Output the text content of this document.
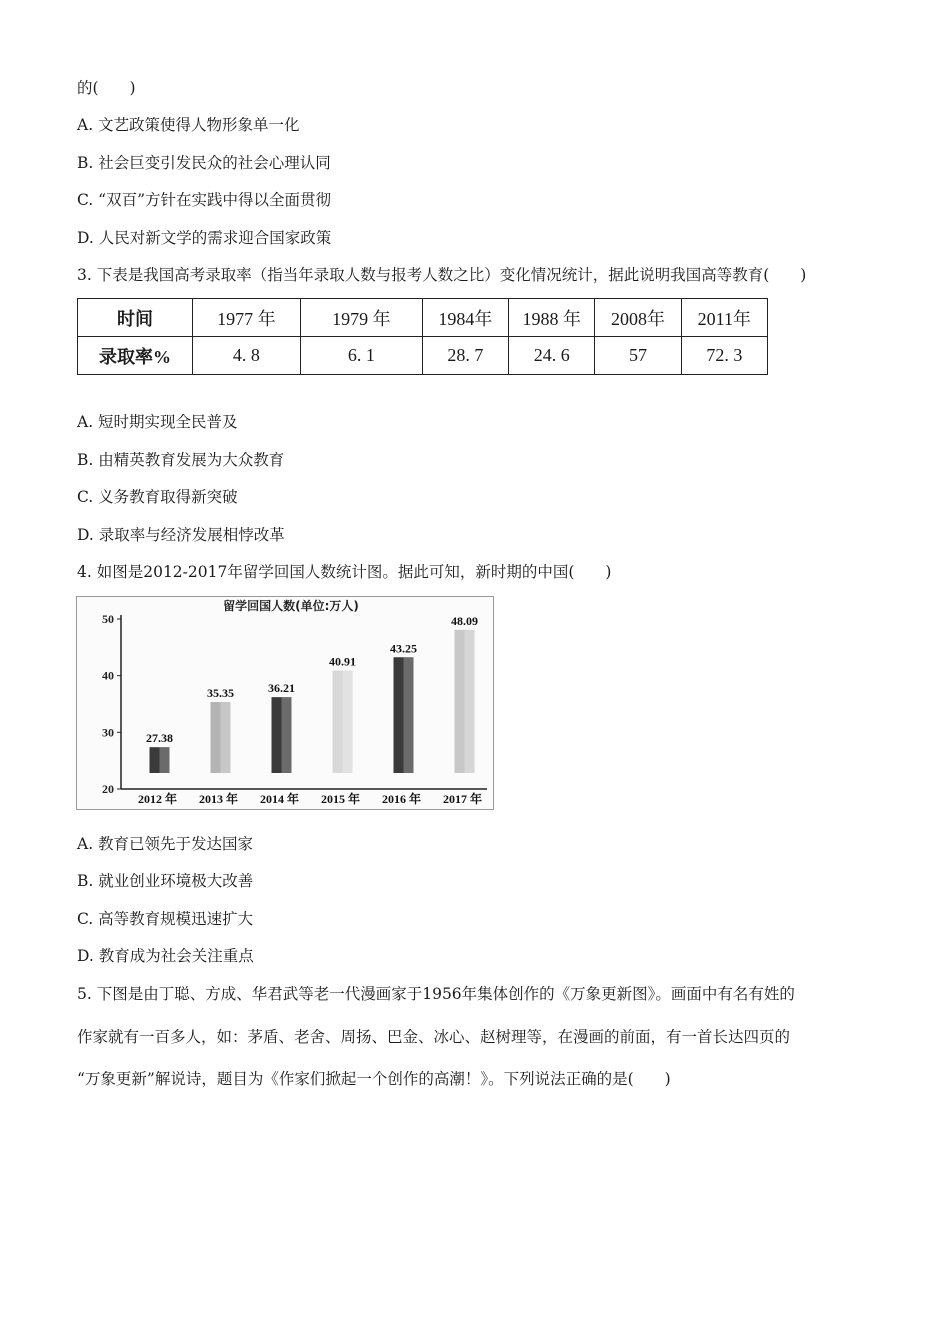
的(　　)
A. 文艺政策使得人物形象单一化
B. 社会巨变引发民众的社会心理认同
C. “双百”方针在实践中得以全面贯彻
D. 人民对新文学的需求迎合国家政策
3. 下表是我国高考录取率（指当年录取人数与报考人数之比）变化情况统计，据此说明我国高等教育(　　)
时间	1977 年	1979 年	1984年	1988 年	2008年	2011年
录取率%	4. 8	6. 1	28. 7	24. 6	57	72. 3
A. 短时期实现全民普及
B. 由精英教育发展为大众教育
C. 义务教育取得新突破
D. 录取率与经济发展相悖改革
4. 如图是2012-2017年留学回国人数统计图。据此可知，新时期的中国(　　)
留学回国人数(单位:万人)
20
30
40
50
27.38
2012 年
35.35
2013 年
36.21
2014 年
40.91
2015 年
43.25
2016 年
48.09
2017 年
A. 教育已领先于发达国家
B. 就业创业环境极大改善
C. 高等教育规模迅速扩大
D. 教育成为社会关注重点
5. 下图是由丁聪、方成、华君武等老一代漫画家于1956年集体创作的《万象更新图》。画面中有名有姓的
作家就有一百多人，如：茅盾、老舍、周扬、巴金、冰心、赵树理等，在漫画的前面，有一首长达四页的
“万象更新”解说诗，题目为《作家们掀起一个创作的高潮！》。下列说法正确的是(　　)
